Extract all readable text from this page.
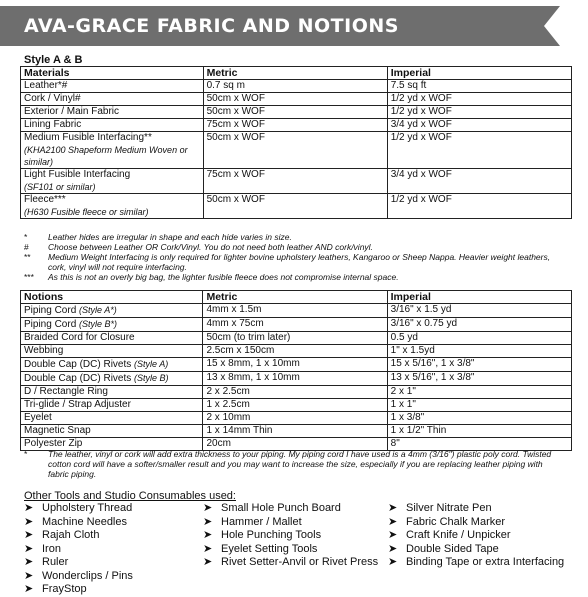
AVA-GRACE FABRIC AND NOTIONS
Style A & B
Materials	Metric	Imperial

Leather*#	0.7 sq m	7.5 sq ft

Cork / Vinyl#	50cm x WOF	1/2 yd x WOF

Exterior / Main Fabric	50cm x WOF	1/2 yd x WOF

Lining Fabric	75cm x WOF	3/4 yd x WOF

Medium Fusible Interfacing**
(KHA2100 Shapeform Medium Woven or similar)	50cm x WOF	1/2 yd x WOF

Light Fusible Interfacing
(SF101 or similar)	75cm x WOF	3/4 yd x WOF

Fleece***
(H630 Fusible fleece or similar)	50cm x WOF	1/2 yd x WOF
*	Leather hides are irregular in shape and each hide varies in size.
#	Choose between Leather OR Cork/Vinyl. You do not need both leather AND cork/vinyl.
**	Medium Weight Interfacing is only required for lighter bovine upholstery leathers, Kangaroo or Sheep Nappa. Heavier weight leathers, cork, vinyl will not require interfacing.
***	As this is not an overly big bag, the lighter fusible fleece does not compromise internal space.
Notions	Metric	Imperial
Piping Cord (Style A*)	4mm x 1.5m	3/16" x 1.5 yd
Piping Cord (Style B*)	4mm x 75cm	3/16" x 0.75 yd
Braided Cord for Closure	50cm (to trim later)	0.5 yd
Webbing	2.5cm x 150cm	1" x 1.5yd
Double Cap (DC) Rivets (Style A)	15 x 8mm, 1 x 10mm	15 x 5/16", 1 x 3/8"
Double Cap (DC) Rivets (Style B)	13 x 8mm, 1 x 10mm	13 x 5/16", 1 x 3/8"
D / Rectangle Ring	2 x 2.5cm	2 x 1"
Tri-glide / Strap Adjuster	1 x 2.5cm	1 x 1"
Eyelet	2 x 10mm	1 x 3/8"
Magnetic Snap	1 x 14mm Thin	1 x 1/2" Thin
Polyester Zip	20cm	8"
*	The leather, vinyl or cork will add extra thickness to your piping. My piping cord I have used is a 4mm (3/16") plastic poly cord. Twisted cotton cord will have a softer/smaller result and you may want to increase the size, especially if you are replacing leather piping with fabric piping.
Other Tools and Studio Consumables used:
➤ Upholstery Thread
➤ Machine Needles
➤ Rajah Cloth
➤ Iron
➤ Ruler
➤ Wonderclips / Pins
➤ FrayStop
➤ Small Hole Punch Board
➤ Hammer / Mallet
➤ Hole Punching Tools
➤ Eyelet Setting Tools
➤ Rivet Setter-Anvil or Rivet Press
➤ Silver Nitrate Pen
➤ Fabric Chalk Marker
➤ Craft Knife / Unpicker
➤ Double Sided Tape
➤ Binding Tape or extra Interfacing
